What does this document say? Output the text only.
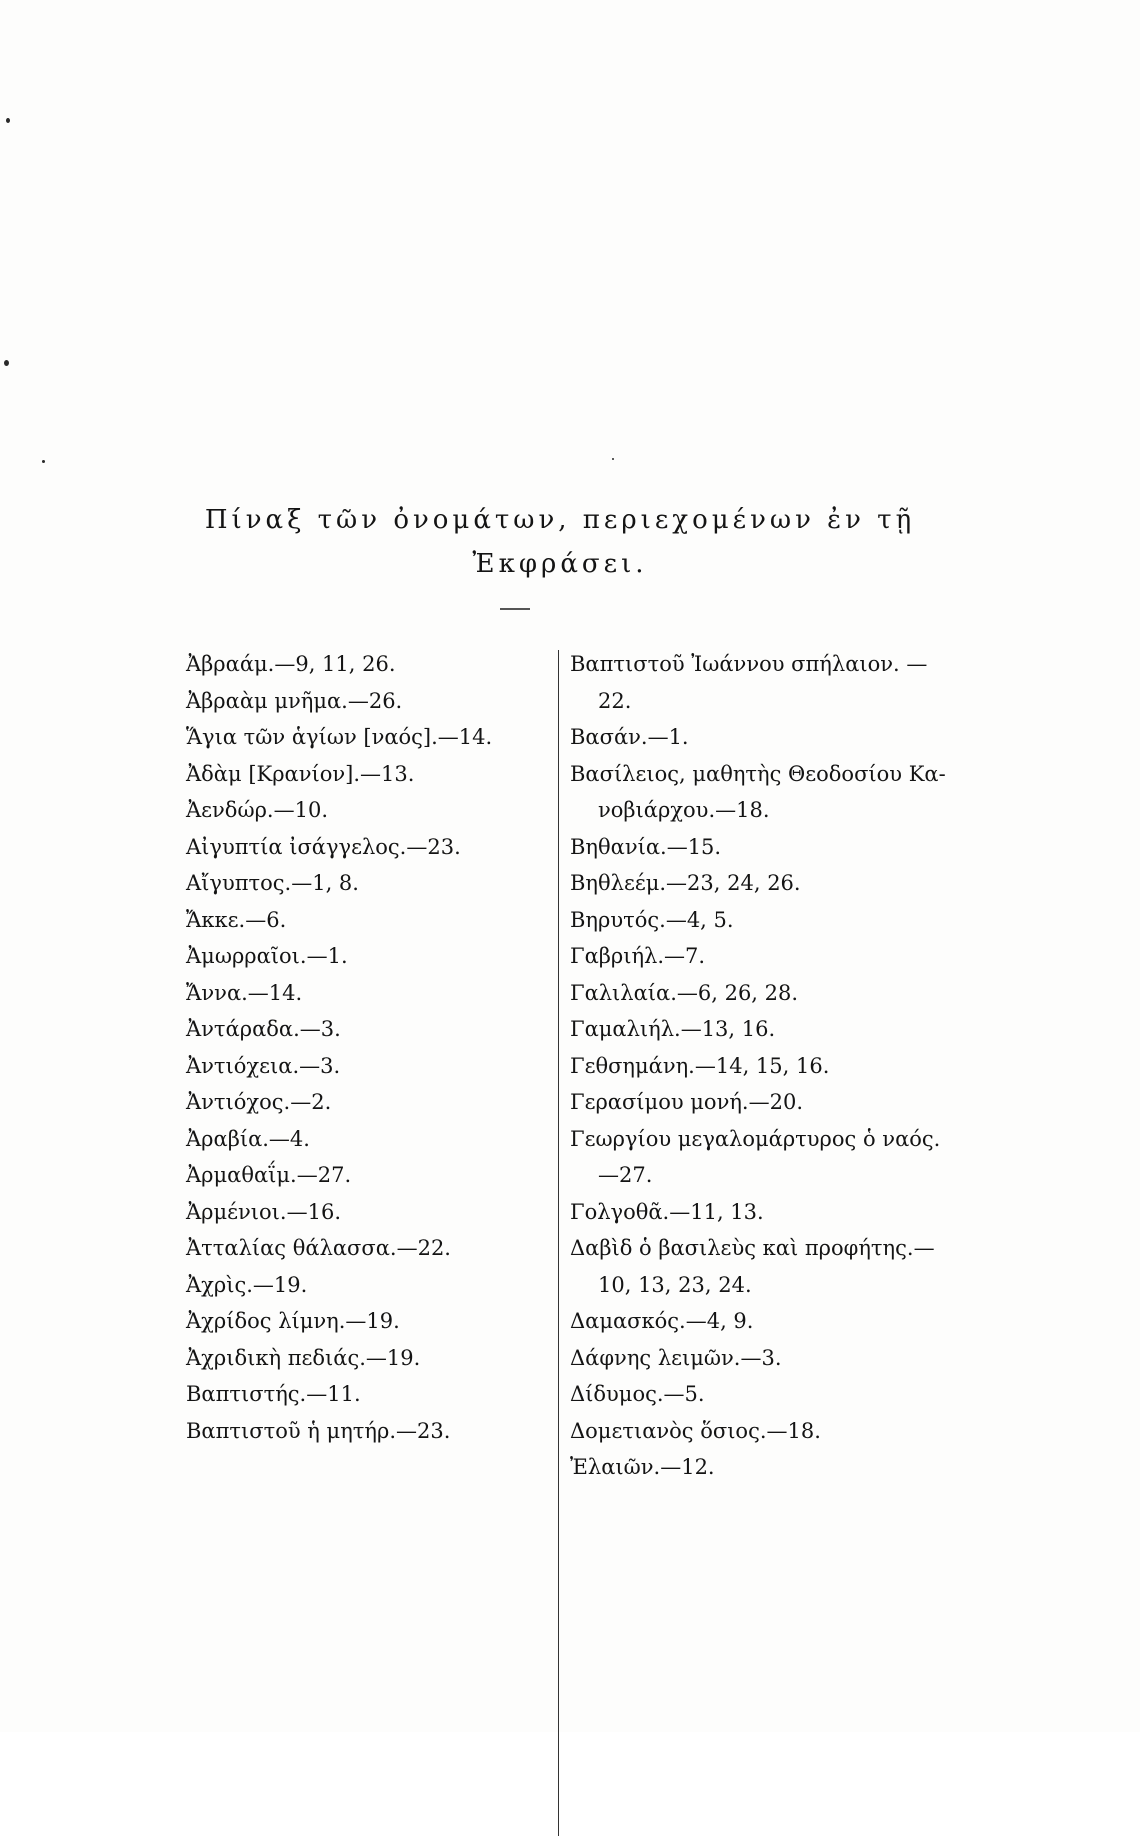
Πίναξ τῶν ὀνομάτων, περιεχομένων ἐν τῇ
Ἐκφράσει.
Ἀβραάμ.—9, 11, 26.
Ἀβραὰμ μνῆμα.—26.
Ἅγια τῶν ἁγίων [ναός].—14.
Ἀδὰμ [Κρανίον].—13.
Ἀενδώρ.—10.
Αἰγυπτία ἰσάγγελος.—23.
Αἴγυπτος.—1, 8.
Ἄκκε.—6.
Ἀμωρραῖοι.—1.
Ἄννα.—14.
Ἀντάραδα.—3.
Ἀντιόχεια.—3.
Ἀντιόχος.—2.
Ἀραβία.—4.
Ἀρμαθαΐμ.—27.
Ἀρμένιοι.—16.
Ἀτταλίας θάλασσα.—22.
Ἀχρὶς.—19.
Ἀχρίδος λίμνη.—19.
Ἀχριδικὴ πεδιάς.—19.
Βαπτιστής.—11.
Βαπτιστοῦ ἡ μητήρ.—23.
Βαπτιστοῦ Ἰωάννου σπήλαιον. —
22.
Βασάν.—1.
Βασίλειος, μαθητὴς Θεοδοσίου Κα-
νοβιάρχου.—18.
Βηθανία.—15.
Βηθλεέμ.—23, 24, 26.
Βηρυτός.—4, 5.
Γαβριήλ.—7.
Γαλιλαία.—6, 26, 28.
Γαμαλιήλ.—13, 16.
Γεθσημάνη.—14, 15, 16.
Γερασίμου μονή.—20.
Γεωργίου μεγαλομάρτυρος ὁ ναός.
—27.
Γολγοθᾶ.—11, 13.
Δαβὶδ ὁ βασιλεὺς καὶ προφήτης.—
10, 13, 23, 24.
Δαμασκός.—4, 9.
Δάφνης λειμῶν.—3.
Δίδυμος.—5.
Δομετιανὸς ὅσιος.—18.
Ἐλαιῶν.—12.
